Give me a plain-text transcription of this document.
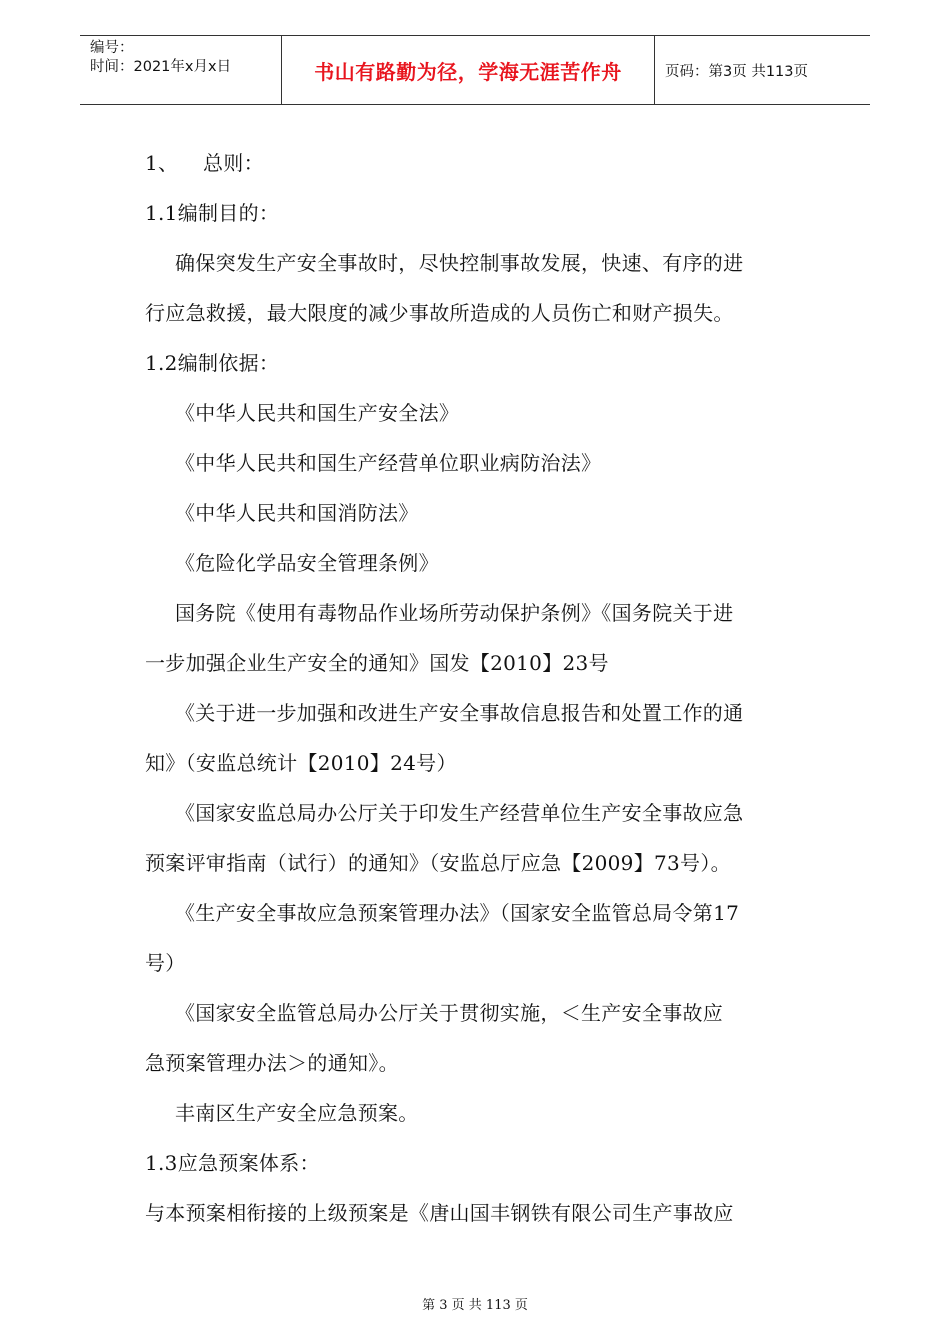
编号：
时间：2021年x月x日	书山有路勤为径，学海无涯苦作舟	页码：第3页 共113页
1、 总则：
1.1编制目的：
确保突发生产安全事故时，尽快控制事故发展，快速、有序的进
行应急救援，最大限度的减少事故所造成的人员伤亡和财产损失。
1.2编制依据：
《中华人民共和国生产安全法》
《中华人民共和国生产经营单位职业病防治法》
《中华人民共和国消防法》
《危险化学品安全管理条例》
国务院《使用有毒物品作业场所劳动保护条例》《国务院关于进
一步加强企业生产安全的通知》国发【2010】23号
《关于进一步加强和改进生产安全事故信息报告和处置工作的通
知》（安监总统计【2010】24号）
《国家安监总局办公厅关于印发生产经营单位生产安全事故应急
预案评审指南（试行）的通知》（安监总厅应急【2009】73号）。
《生产安全事故应急预案管理办法》（国家安全监管总局令第17
号）
《国家安全监管总局办公厅关于贯彻实施，＜生产安全事故应
急预案管理办法＞的通知》。
丰南区生产安全应急预案。
1.3应急预案体系：
与本预案相衔接的上级预案是《唐山国丰钢铁有限公司生产事故应
第 3 页 共 113 页
